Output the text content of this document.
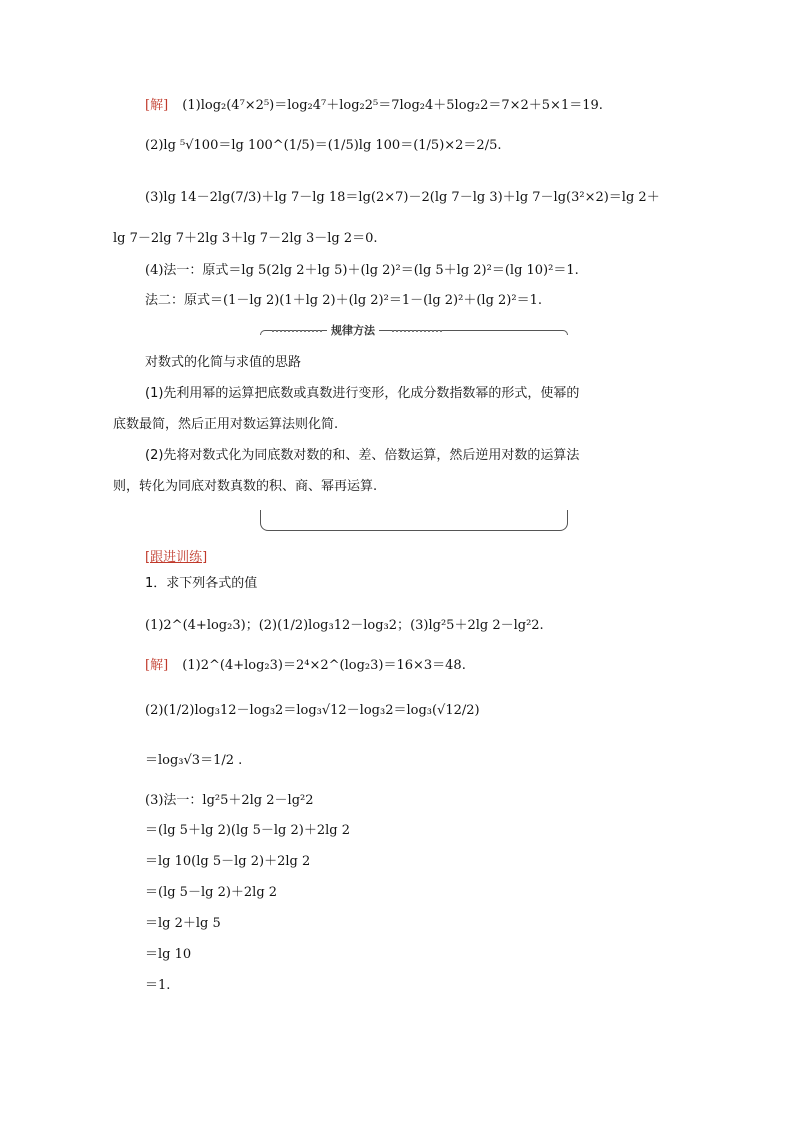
[解] (1)log₂(4⁷×2⁵)＝log₂4⁷＋log₂2⁵＝7log₂4＋5log₂2＝7×2＋5×1＝19.
(2)lg ⁵√100＝lg 100^(1/5)＝(1/5)lg 100＝(1/5)×2＝2/5.
(3)lg 14－2lg(7/3)＋lg 7－lg 18＝lg(2×7)－2(lg 7－lg 3)＋lg 7－lg(3²×2)＝lg 2＋
lg 7－2lg 7＋2lg 3＋lg 7－2lg 3－lg 2＝0.
(4)法一：原式＝lg 5(2lg 2＋lg 5)＋(lg 2)²＝(lg 5＋lg 2)²＝(lg 10)²＝1.
法二：原式＝(1－lg 2)(1＋lg 2)＋(lg 2)²＝1－(lg 2)²＋(lg 2)²＝1.
规律方法
对数式的化简与求值的思路
(1)先利用幂的运算把底数或真数进行变形，化成分数指数幂的形式，使幂的
底数最简，然后正用对数运算法则化简.
(2)先将对数式化为同底数对数的和、差、倍数运算，然后逆用对数的运算法
则，转化为同底对数真数的积、商、幂再运算.
[跟进训练]
1．求下列各式的值
(1)2^(4+log₂3)；(2)(1/2)log₃12－log₃2；(3)lg²5＋2lg 2－lg²2.
[解] (1)2^(4+log₂3)＝2⁴×2^(log₂3)＝16×3＝48.
(2)(1/2)log₃12－log₃2＝log₃√12－log₃2＝log₃(√12/2)
＝log₃√3＝1/2 .
(3)法一：lg²5＋2lg 2－lg²2
＝(lg 5＋lg 2)(lg 5－lg 2)＋2lg 2
＝lg 10(lg 5－lg 2)＋2lg 2
＝(lg 5－lg 2)＋2lg 2
＝lg 2＋lg 5
＝lg 10
＝1.
